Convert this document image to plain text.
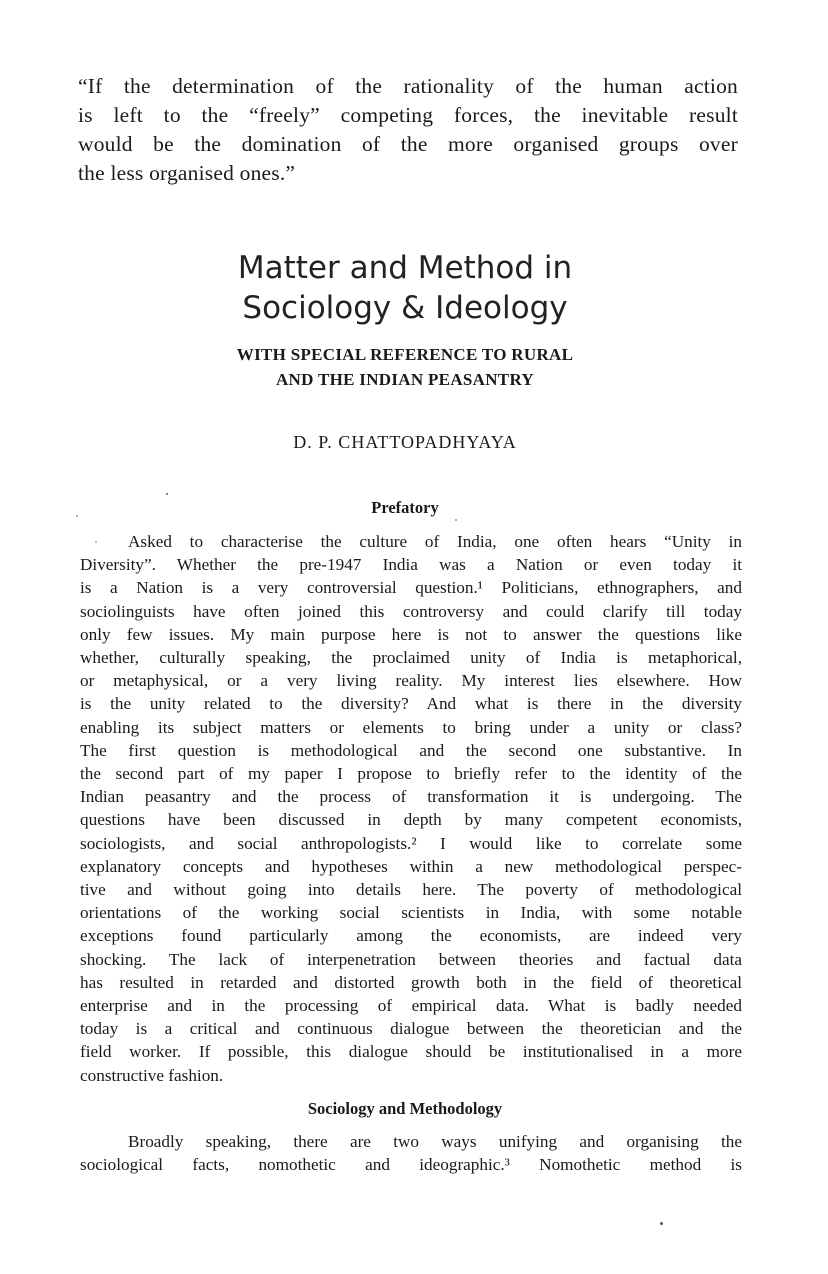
“If the determination of the rationality of the human action
is left to the “freely” competing forces, the inevitable result
would be the domination of the more organised groups over
the less organised ones.”
Matter and Method in
Sociology & Ideology
WITH SPECIAL REFERENCE TO RURAL
AND THE INDIAN PEASANTRY
D. P. CHATTOPADHYAYA
Prefatory
Asked to characterise the culture of India, one often hears “Unity in
Diversity”. Whether the pre-1947 India was a Nation or even today it
is a Nation is a very controversial question.¹ Politicians, ethnographers, and
sociolinguists have often joined this controversy and could clarify till today
only few issues. My main purpose here is not to answer the questions like
whether, culturally speaking, the proclaimed unity of India is metaphorical,
or metaphysical, or a very living reality. My interest lies elsewhere. How
is the unity related to the diversity? And what is there in the diversity
enabling its subject matters or elements to bring under a unity or class?
The first question is methodological and the second one substantive. In
the second part of my paper I propose to briefly refer to the identity of the
Indian peasantry and the process of transformation it is undergoing. The
questions have been discussed in depth by many competent economists,
sociologists, and social anthropologists.² I would like to correlate some
explanatory concepts and hypotheses within a new methodological perspec-
tive and without going into details here. The poverty of methodological
orientations of the working social scientists in India, with some notable
exceptions found particularly among the economists, are indeed very
shocking. The lack of interpenetration between theories and factual data
has resulted in retarded and distorted growth both in the field of theoretical
enterprise and in the processing of empirical data. What is badly needed
today is a critical and continuous dialogue between the theoretician and the
field worker. If possible, this dialogue should be institutionalised in a more
constructive fashion.
Sociology and Methodology
Broadly speaking, there are two ways unifying and organising the
sociological facts, nomothetic and ideographic.³ Nomothetic method is
